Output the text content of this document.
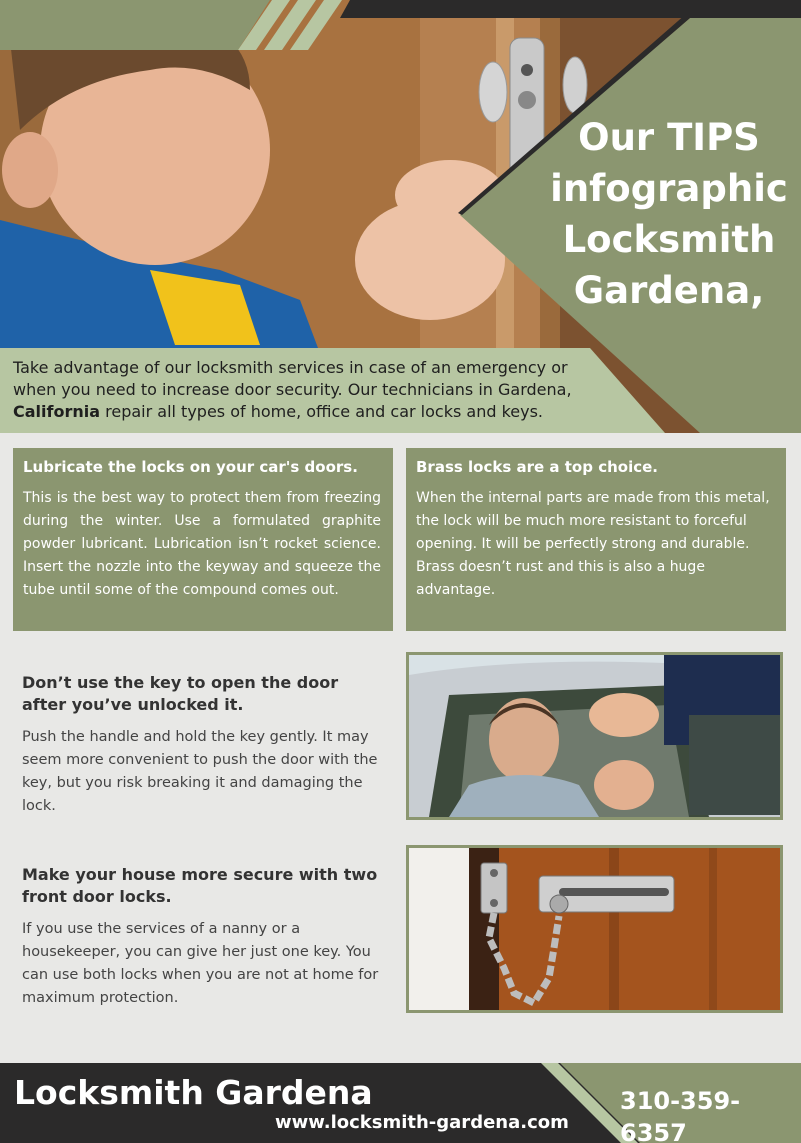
Our TIPS
infographic
Locksmith
Gardena,

Take advantage of our locksmith services in case of an emergency or when you need to increase door security. Our technicians in Gardena, California repair all types of home, office and car locks and keys.

Lubricate the locks on your car's doors.

This is the best way to protect them from freezing during the winter. Use a formulated graphite powder lubricant. Lubrication isn’t rocket science. Insert the nozzle into the keyway and squeeze the tube until some of the compound comes out.

Brass locks are a top choice.

When the internal parts are made from this metal, the lock will be much more resistant to forceful opening. It will be perfectly strong and durable. Brass doesn’t rust and this is also a huge advantage.

Don’t use the key to open the door after you’ve unlocked it.

Push the handle and hold the key gently. It may seem more convenient to push the door with the key, but you risk breaking it and damaging the lock.

Make your house more secure with two front door locks.

If you use the services of a nanny or a housekeeper, you can give her just one key. You can use both locks when you are not at home for maximum protection.

Locksmith Gardena
www.locksmith-gardena.com
310-359-6357
